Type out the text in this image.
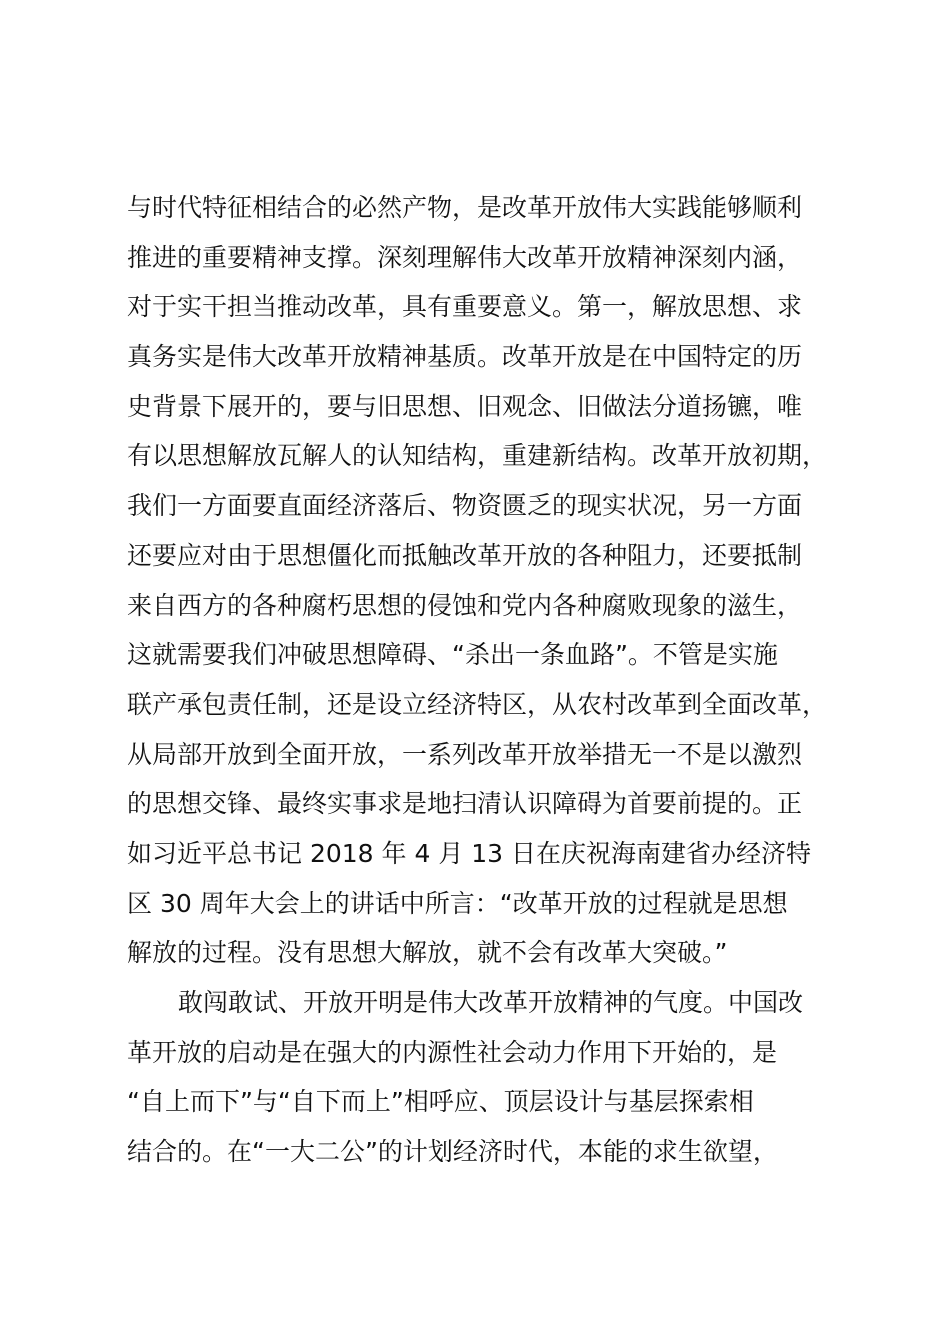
与时代特征相结合的必然产物，是改革开放伟大实践能够顺利
推进的重要精神支撑。深刻理解伟大改革开放精神深刻内涵，
对于实干担当推动改革，具有重要意义。第一，解放思想、求
真务实是伟大改革开放精神基质。改革开放是在中国特定的历
史背景下展开的，要与旧思想、旧观念、旧做法分道扬镳，唯
有以思想解放瓦解人的认知结构，重建新结构。改革开放初期，
我们一方面要直面经济落后、物资匮乏的现实状况，另一方面
还要应对由于思想僵化而抵触改革开放的各种阻力，还要抵制
来自西方的各种腐朽思想的侵蚀和党内各种腐败现象的滋生，
这就需要我们冲破思想障碍、“杀出一条血路”。不管是实施
联产承包责任制，还是设立经济特区，从农村改革到全面改革，
从局部开放到全面开放，一系列改革开放举措无一不是以激烈
的思想交锋、最终实事求是地扫清认识障碍为首要前提的。正
如习近平总书记 2018 年 4 月 13 日在庆祝海南建省办经济特
区 30 周年大会上的讲话中所言：“改革开放的过程就是思想
解放的过程。没有思想大解放，就不会有改革大突破。”
敢闯敢试、开放开明是伟大改革开放精神的气度。中国改
革开放的启动是在强大的内源性社会动力作用下开始的，是
“自上而下”与“自下而上”相呼应、顶层设计与基层探索相
结合的。在“一大二公”的计划经济时代，本能的求生欲望，
